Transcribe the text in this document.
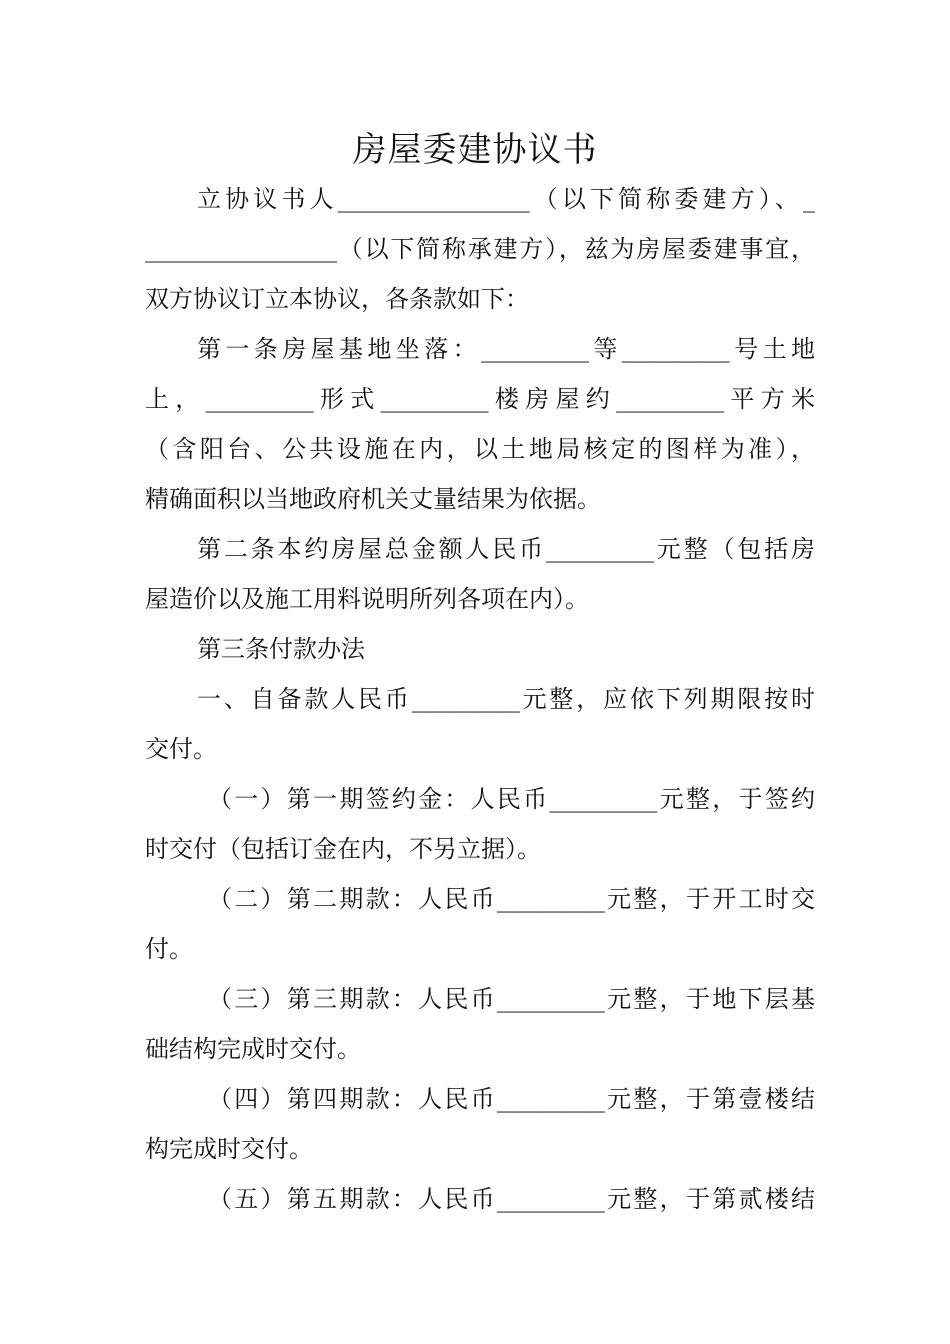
房屋委建协议书
立协议书人________________（以下简称委建方）、_
________________（以下简称承建方），兹为房屋委建事宜，
双方协议订立本协议，各条款如下：
第一条房屋基地坐落：_________等_________号土地
上，_________形式_________楼房屋约_________平方米
（含阳台、公共设施在内，以土地局核定的图样为准），
精确面积以当地政府机关丈量结果为依据。
第二条本约房屋总金额人民币_________元整（包括房
屋造价以及施工用料说明所列各项在内）。
第三条付款办法
一、自备款人民币_________元整，应依下列期限按时
交付。
（一）第一期签约金：人民币_________元整，于签约
时交付（包括订金在内，不另立据）。
（二）第二期款：人民币_________元整，于开工时交
付。
（三）第三期款：人民币_________元整，于地下层基
础结构完成时交付。
（四）第四期款：人民币_________元整，于第壹楼结
构完成时交付。
（五）第五期款：人民币_________元整，于第贰楼结
